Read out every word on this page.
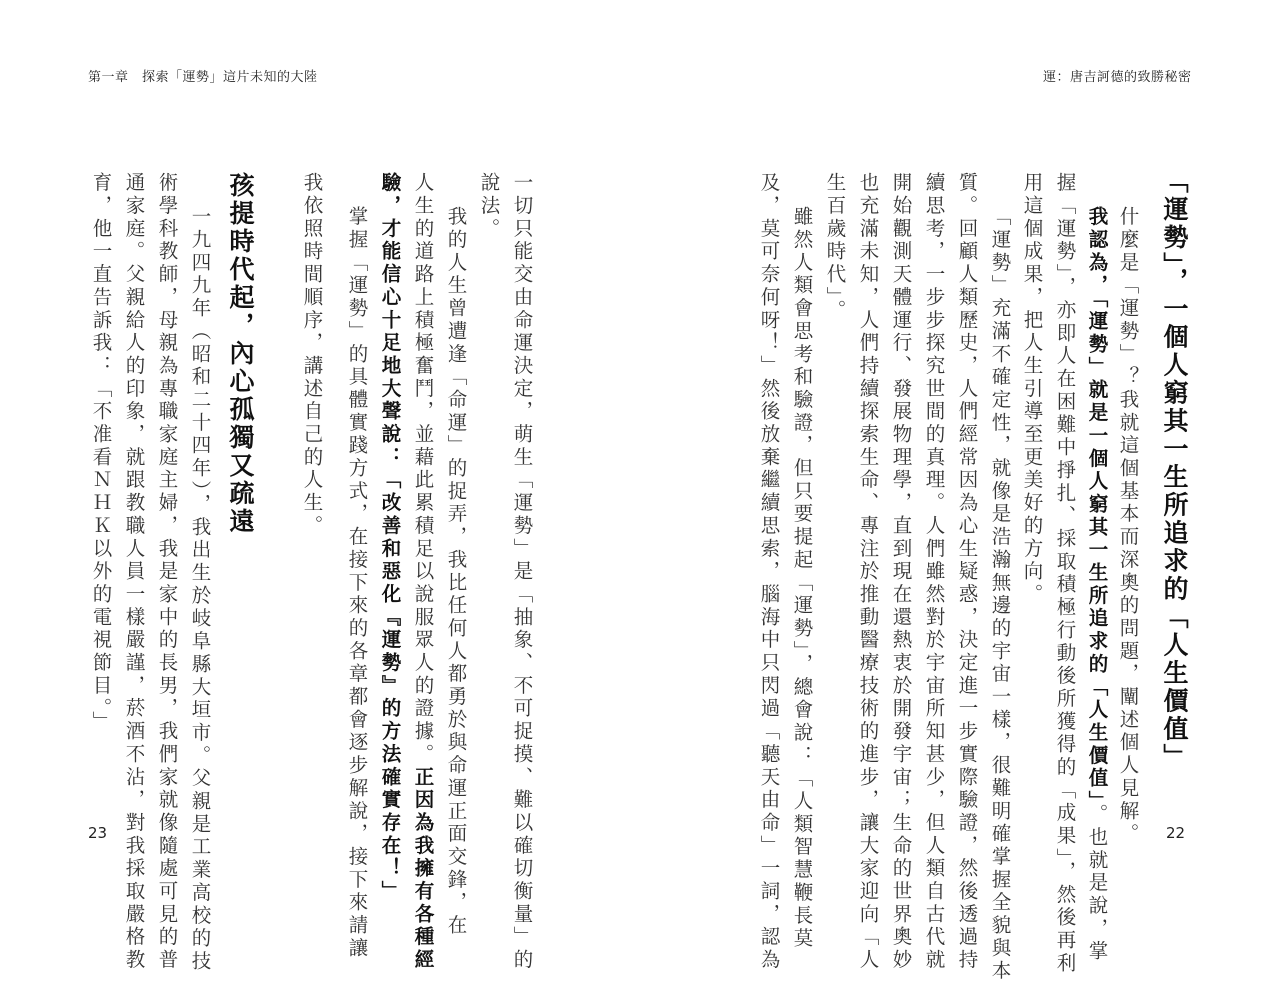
第一章　探索「運勢」這片未知的大陸	運：唐吉訶德的致勝秘密
「運勢」，一個人窮其一生所追求的「人生價值」
什麼是「運勢」？我就這個基本而深奧的問題，闡述個人見解。
我認為，「運勢」就是一個人窮其一生所追求的「人生價值」。也就是說，掌
握「運勢」，亦即人在困難中掙扎、採取積極行動後所獲得的「成果」，然後再利
用這個成果，把人生引導至更美好的方向。
「運勢」充滿不確定性，就像是浩瀚無邊的宇宙一樣，很難明確掌握全貌與本
質。回顧人類歷史，人們經常因為心生疑惑，決定進一步實際驗證，然後透過持
續思考，一步步探究世間的真理。人們雖然對於宇宙所知甚少，但人類自古代就
開始觀測天體運行、發展物理學，直到現在還熱衷於開發宇宙；生命的世界奧妙
也充滿未知，人們持續探索生命、專注於推動醫療技術的進步，讓大家迎向「人
生百歲時代」。
雖然人類會思考和驗證，但只要提起「運勢」，總會說：「人類智慧鞭長莫
及，莫可奈何呀！」然後放棄繼續思索，腦海中只閃過「聽天由命」一詞，認為
一切只能交由命運決定，萌生「運勢」是「抽象、不可捉摸、難以確切衡量」的
說法。
我的人生曾遭逢「命運」的捉弄，我比任何人都勇於與命運正面交鋒，在
人生的道路上積極奮鬥，並藉此累積足以說服眾人的證據。正因為我擁有各種經
驗，才能信心十足地大聲說：「改善和惡化『運勢』的方法確實存在！」
掌握「運勢」的具體實踐方式，在接下來的各章都會逐步解說，接下來請讓
我依照時間順序，講述自己的人生。
孩提時代起，內心孤獨又疏遠
一九四九年（昭和二十四年），我出生於岐阜縣大垣市。父親是工業高校的技
術學科教師，母親為專職家庭主婦，我是家中的長男，我們家就像隨處可見的普
通家庭。父親給人的印象，就跟教職人員一樣嚴謹，菸酒不沾，對我採取嚴格教
育，他一直告訴我：「不准看ＮＨＫ以外的電視節目。」
23	22
